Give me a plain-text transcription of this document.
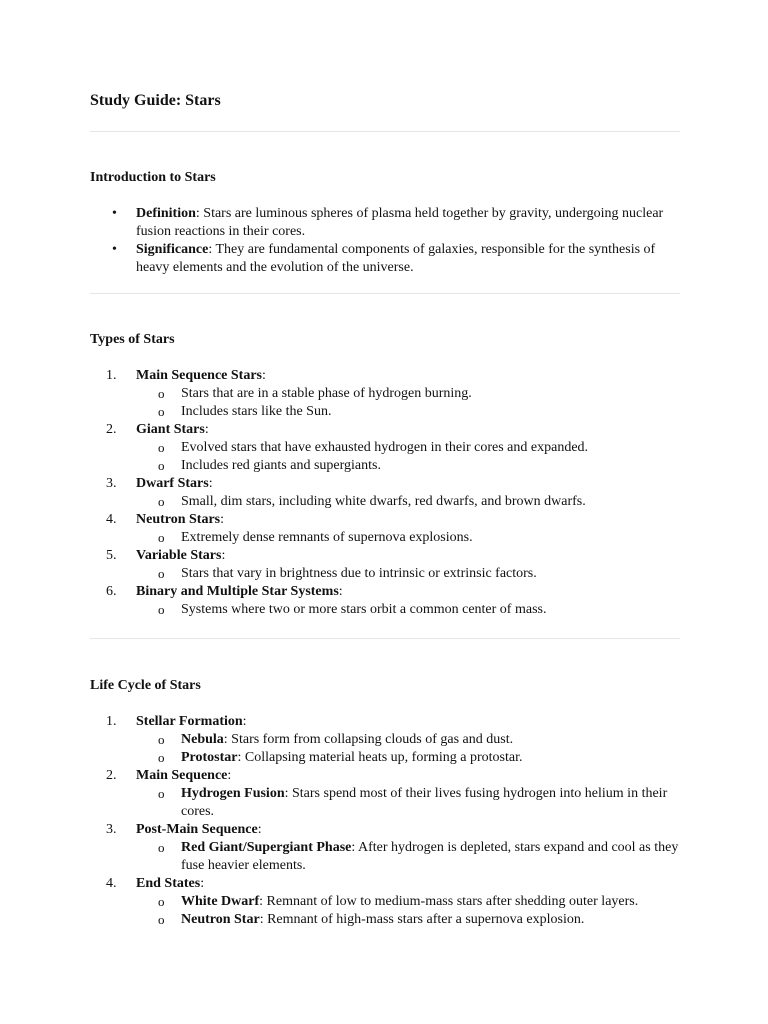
Study Guide: Stars
Introduction to Stars
• Definition: Stars are luminous spheres of plasma held together by gravity, undergoing nuclear fusion reactions in their cores.
• Significance: They are fundamental components of galaxies, responsible for the synthesis of heavy elements and the evolution of the universe.
Types of Stars
1.	Main Sequence Stars:
o Stars that are in a stable phase of hydrogen burning.
o Includes stars like the Sun.
2.	Giant Stars:
o Evolved stars that have exhausted hydrogen in their cores and expanded.
o Includes red giants and supergiants.
3.	Dwarf Stars:
o Small, dim stars, including white dwarfs, red dwarfs, and brown dwarfs.
4.	Neutron Stars:
o Extremely dense remnants of supernova explosions.
5.	Variable Stars:
o Stars that vary in brightness due to intrinsic or extrinsic factors.
6.	Binary and Multiple Star Systems:
o Systems where two or more stars orbit a common center of mass.
Life Cycle of Stars
1.	Stellar Formation:
o Nebula: Stars form from collapsing clouds of gas and dust.
o Protostar: Collapsing material heats up, forming a protostar.
2.	Main Sequence:
o Hydrogen Fusion: Stars spend most of their lives fusing hydrogen into helium in their cores.
3.	Post-Main Sequence:
o Red Giant/Supergiant Phase: After hydrogen is depleted, stars expand and cool as they fuse heavier elements.
4.	End States:
o White Dwarf: Remnant of low to medium-mass stars after shedding outer layers.
o Neutron Star: Remnant of high-mass stars after a supernova explosion.
